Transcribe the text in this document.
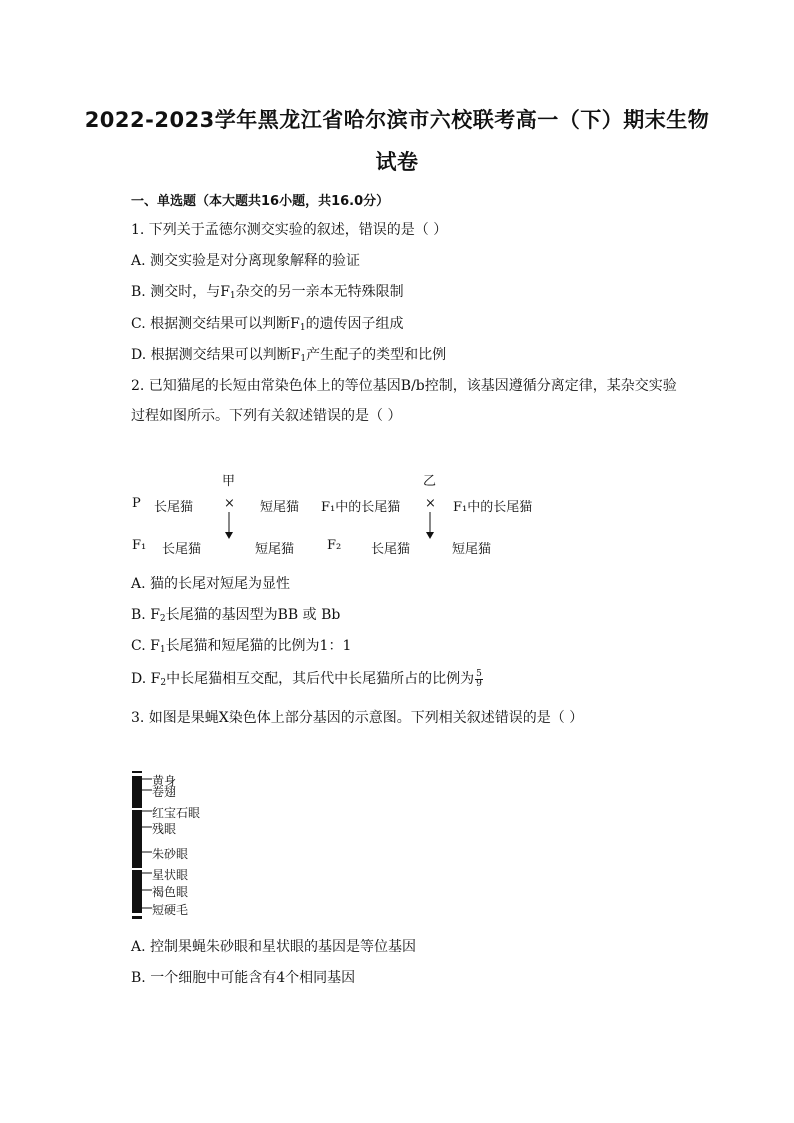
2022-2023学年黑龙江省哈尔滨市六校联考高一（下）期末生物
试卷
一、单选题（本大题共16小题，共16.0分）
1. 下列关于孟德尔测交实验的叙述，错误的是（ ）
A. 测交实验是对分离现象解释的验证
B. 测交时，与$F_1$杂交的另一亲本无特殊限制
C. 根据测交结果可以判断$F_1$的遗传因子组成
D. 根据测交结果可以判断$F_1$产生配子的类型和比例
2. 已知猫尾的长短由常染色体上的等位基因B/b控制，该基因遵循分离定律，某杂交实验
过程如图所示。下列有关叙述错误的是（ ）
甲	乙
P 长尾猫 × 短尾猫 F₁中的长尾猫 × F₁中的长尾猫
F₁ 长尾猫	短尾猫	F₂ 长尾猫	短尾猫
A. 猫的长尾对短尾为显性
B. $F_2$长尾猫的基因型为BB 或 Bb
C. $F_1$长尾猫和短尾猫的比例为1：1
D. $F_2$中长尾猫相互交配，其后代中长尾猫所占的比例为 $\frac{5}{9}$
3. 如图是果蝇X染色体上部分基因的示意图。下列相关叙述错误的是（ ）
黄身
卷翅
红宝石眼
残眼
朱砂眼
星状眼
褐色眼
短硬毛
A. 控制果蝇朱砂眼和星状眼的基因是等位基因
B. 一个细胞中可能含有4个相同基因
